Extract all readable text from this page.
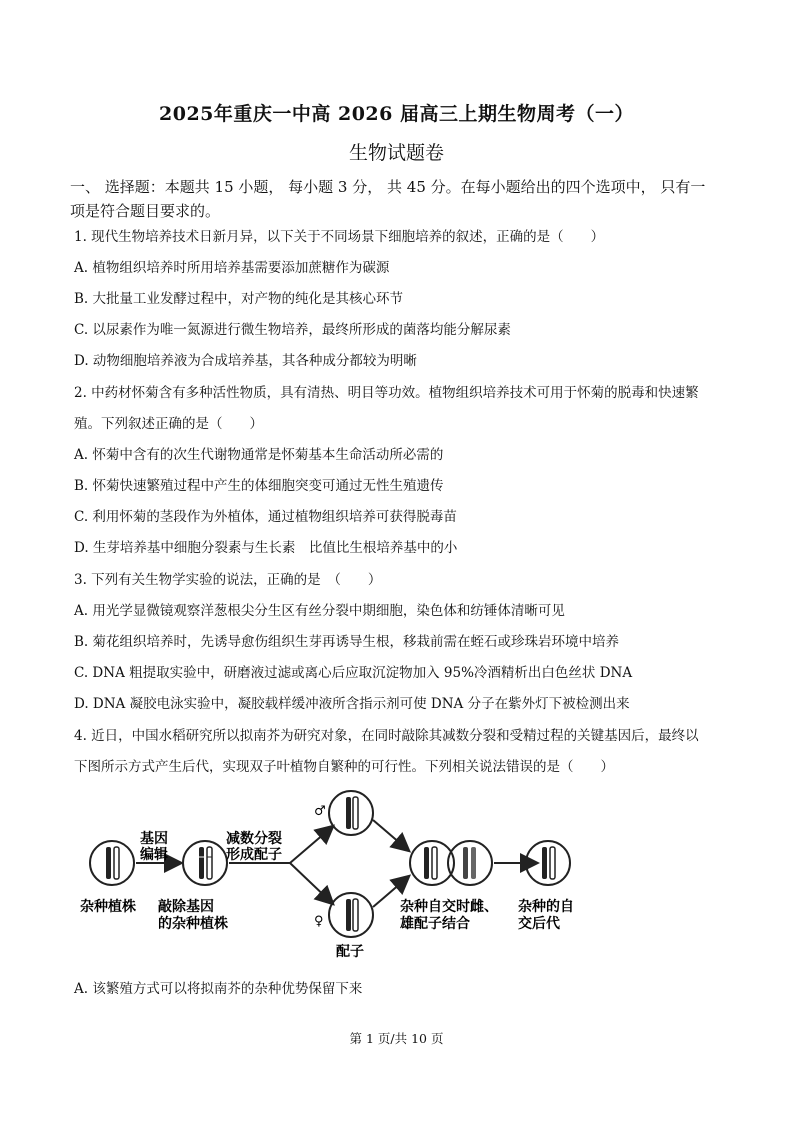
2025年重庆一中高 2026 届高三上期生物周考（一）
生物试题卷
一、 选择题：本题共 15 小题， 每小题 3 分， 共 45 分。在每小题给出的四个选项中， 只有一
项是符合题目要求的。
1. 现代生物培养技术日新月异，以下关于不同场景下细胞培养的叙述，正确的是（　　）
A. 植物组织培养时所用培养基需要添加蔗糖作为碳源
B. 大批量工业发酵过程中，对产物的纯化是其核心环节
C. 以尿素作为唯一氮源进行微生物培养，最终所形成的菌落均能分解尿素
D. 动物细胞培养液为合成培养基，其各种成分都较为明晰
2. 中药材怀菊含有多种活性物质，具有清热、明目等功效。植物组织培养技术可用于怀菊的脱毒和快速繁
殖。下列叙述正确的是（　　）
A. 怀菊中含有的次生代谢物通常是怀菊基本生命活动所必需的
B. 怀菊快速繁殖过程中产生的体细胞突变可通过无性生殖遗传
C. 利用怀菊的茎段作为外植体，通过植物组织培养可获得脱毒苗
D. 生芽培养基中细胞分裂素与生长素　比值比生根培养基中的小
3. 下列有关生物学实验的说法，正确的是　（　　）
A. 用光学显微镜观察洋葱根尖分生区有丝分裂中期细胞，染色体和纺锤体清晰可见
B. 菊花组织培养时，先诱导愈伤组织生芽再诱导生根，移栽前需在蛭石或珍珠岩环境中培养
C. DNA 粗提取实验中，研磨液过滤或离心后应取沉淀物加入 95%冷酒精析出白色丝状 DNA
D. DNA 凝胶电泳实验中，凝胶载样缓冲液所含指示剂可使 DNA 分子在紫外灯下被检测出来
4. 近日，中国水稻研究所以拟南芥为研究对象，在同时敲除其减数分裂和受精过程的关键基因后，最终以
下图所示方式产生后代，实现双子叶植物自繁种的可行性。下列相关说法错误的是（　　）
杂种植株
基因
编辑
敲除基因
的杂种植株
减数分裂
形成配子
♂
♀
配子
杂种自交时雌、
雄配子结合
杂种的自
交后代
A. 该繁殖方式可以将拟南芥的杂种优势保留下来
第 1 页/共 10 页
